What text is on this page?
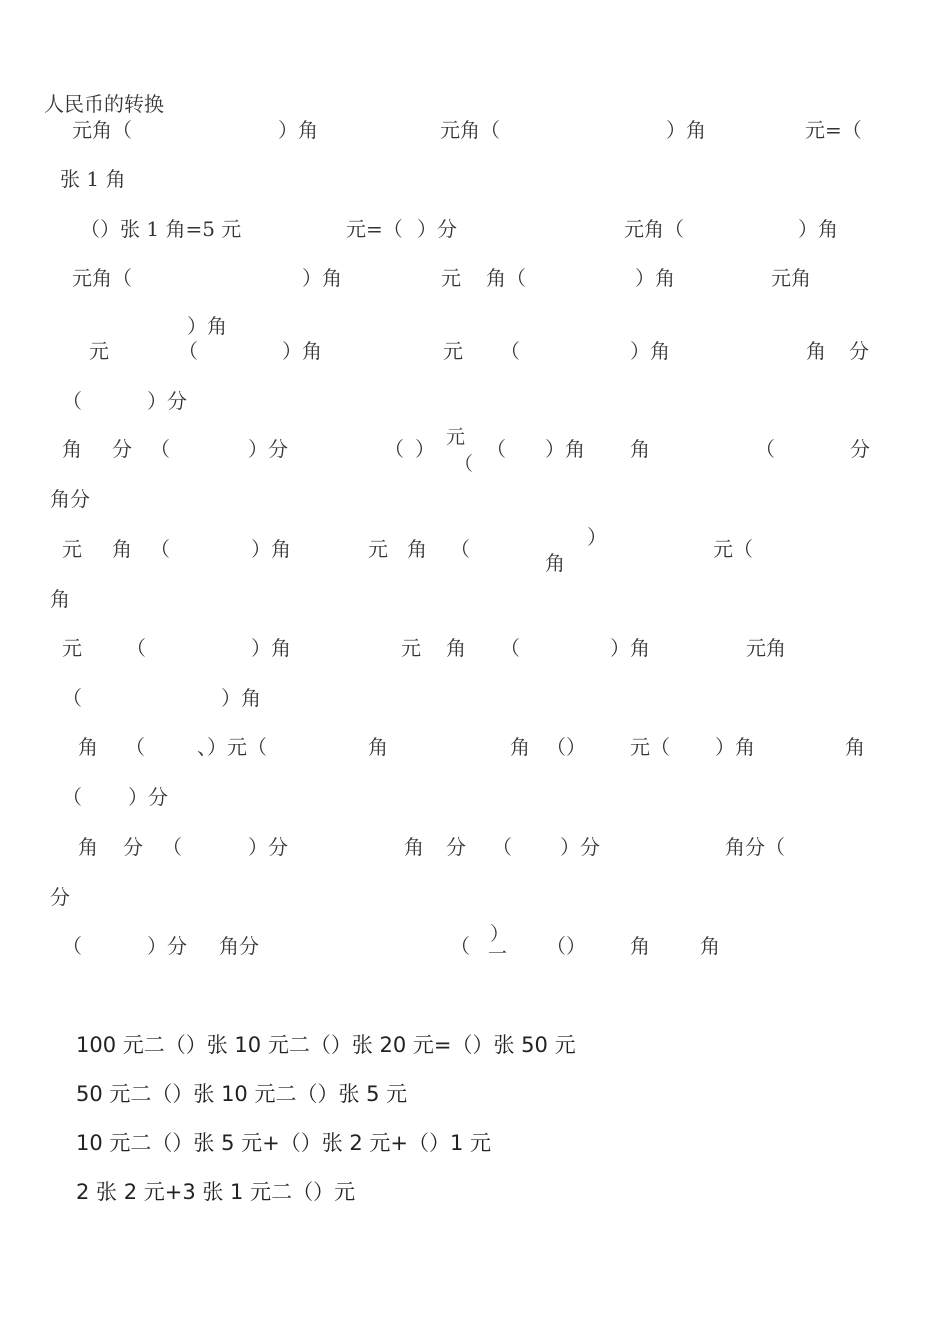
人民币的转换
元角（	）角	元角（	）角	元=（
张 1 角
（）张 1 角=5 元	元=（ ）分	元角（	）角
元角（	）角	元 角（	）角	元角
）角
元	（	）角	元 （	）角	角 分
（	）分
角 分 （	）分	（ ） 元
（
（ ）角 角	（	分
角分
元 角 （	）角	元 角 （	）
角
元（
角
元 （	）角	元 角 （	）角	元角
（	）角
角 （	、）元（	角	角 （） 元（ ）角	角
（ ）分
角 分 （	）分	角 分 （ ）分	角分（
分
（	）分 角分	（ ）
一 （） 角	角
100 元二（）张 10 元二（）张 20 元=（）张 50 元
50 元二（）张 10 元二（）张 5 元
10 元二（）张 5 元+（）张 2 元+（）1 元
2 张 2 元+3 张 1 元二（）元
